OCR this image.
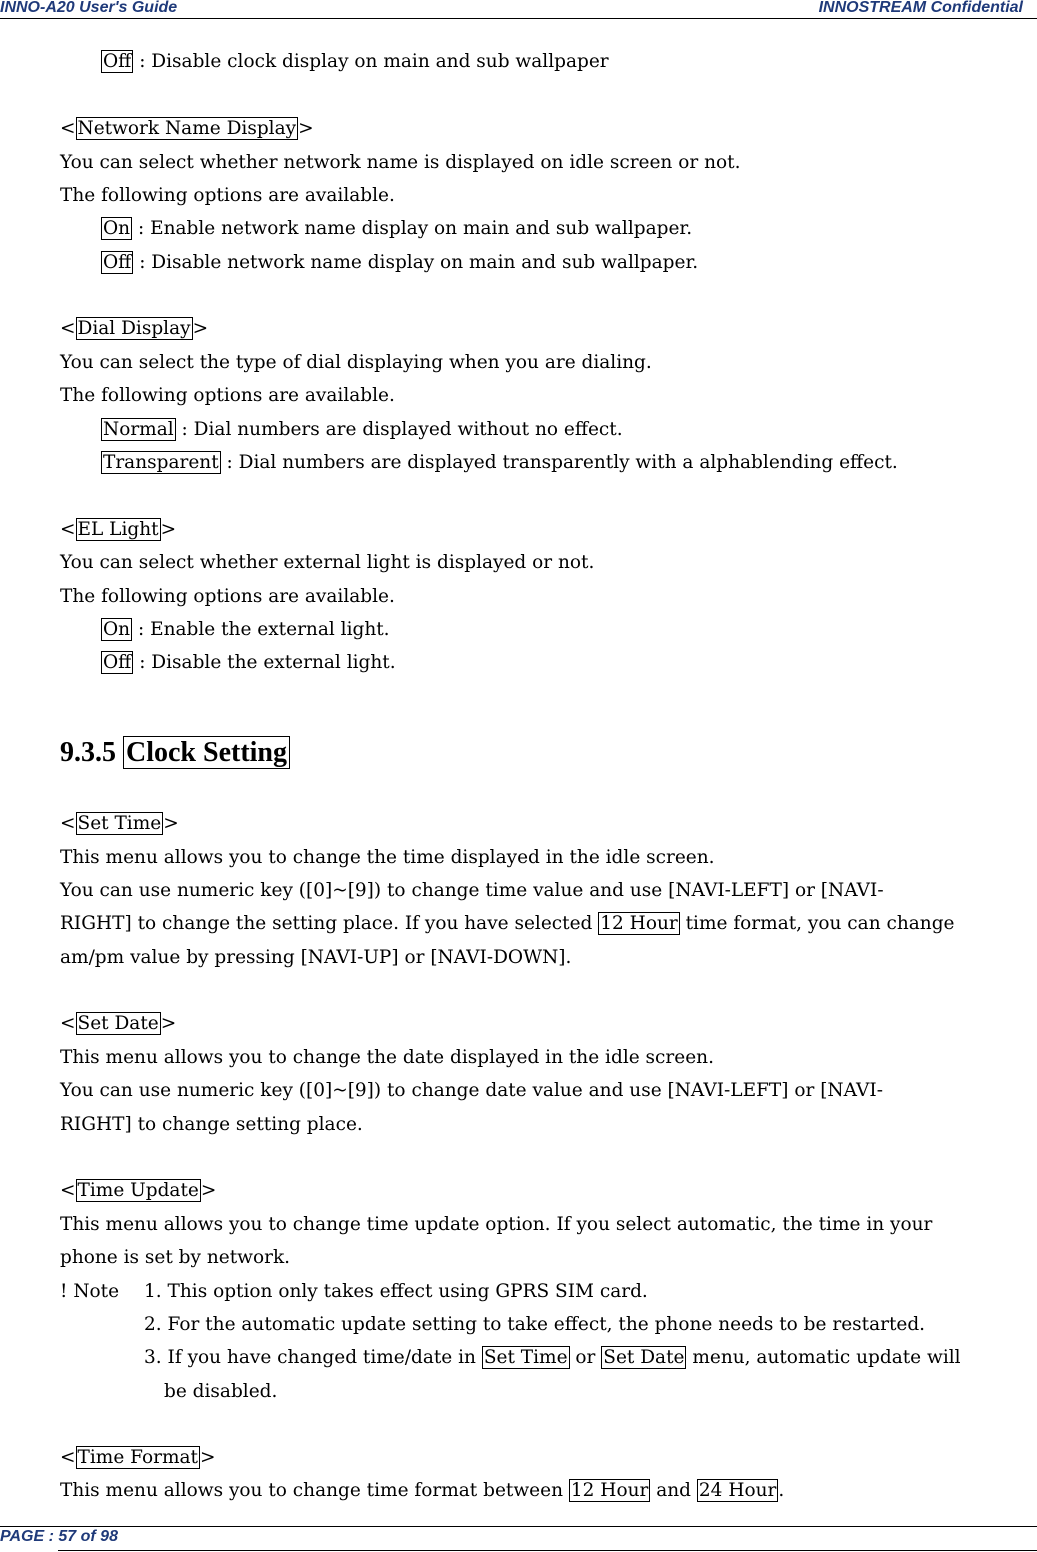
INNO-A20 User's Guide	INNOSTREAM Confidential
Off : Disable clock display on main and sub wallpaper
< Network Name Display >
You can select whether network name is displayed on idle screen or not.
The following options are available.
On : Enable network name display on main and sub wallpaper.
Off : Disable network name display on main and sub wallpaper.
< Dial Display >
You can select the type of dial displaying when you are dialing.
The following options are available.
Normal : Dial numbers are displayed without no effect.
Transparent : Dial numbers are displayed transparently with a alphablending effect.
< EL Light >
You can select whether external light is displayed or not.
The following options are available.
On : Enable the external light.
Off : Disable the external light.
9.3.5 Clock Setting
< Set Time >
This menu allows you to change the time displayed in the idle screen.
You can use numeric key ([0]~[9]) to change time value and use [NAVI-LEFT] or [NAVI-
RIGHT] to change the setting place. If you have selected 12 Hour time format, you can change
am/pm value by pressing [NAVI-UP] or [NAVI-DOWN].
< Set Date >
This menu allows you to change the date displayed in the idle screen.
You can use numeric key ([0]~[9]) to change date value and use [NAVI-LEFT] or [NAVI-
RIGHT] to change setting place.
< Time Update >
This menu allows you to change time update option. If you select automatic, the time in your
phone is set by network.
! Note 1. This option only takes effect using GPRS SIM card.
2. For the automatic update setting to take effect, the phone needs to be restarted.
3. If you have changed time/date in Set Time or Set Date menu, automatic update will
be disabled.
< Time Format >
This menu allows you to change time format between 12 Hour and 24 Hour .
PAGE : 57 of 98
